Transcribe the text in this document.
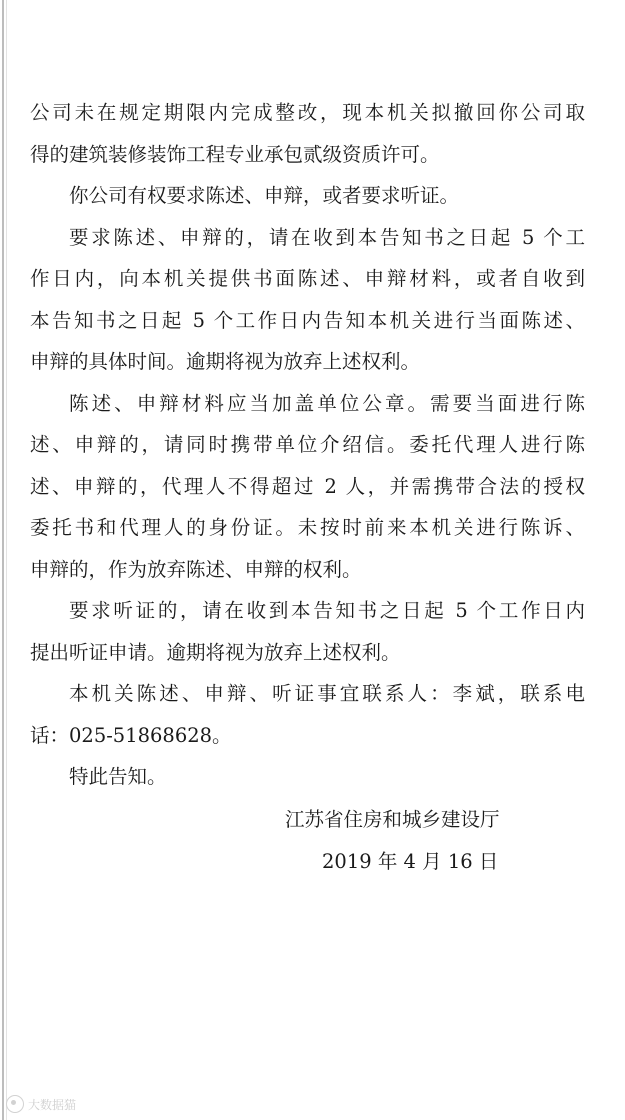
公司未在规定期限内完成整改，现本机关拟撤回你公司取
得的建筑装修装饰工程专业承包贰级资质许可。
你公司有权要求陈述、申辩，或者要求听证。
要求陈述、申辩的，请在收到本告知书之日起 5 个工
作日内，向本机关提供书面陈述、申辩材料，或者自收到
本告知书之日起 5 个工作日内告知本机关进行当面陈述、
申辩的具体时间。逾期将视为放弃上述权利。
陈述、申辩材料应当加盖单位公章。需要当面进行陈
述、申辩的，请同时携带单位介绍信。委托代理人进行陈
述、申辩的，代理人不得超过 2 人，并需携带合法的授权
委托书和代理人的身份证。未按时前来本机关进行陈诉、
申辩的，作为放弃陈述、申辩的权利。
要求听证的，请在收到本告知书之日起 5 个工作日内
提出听证申请。逾期将视为放弃上述权利。
本机关陈述、申辩、听证事宜联系人：李斌，联系电
话：025-51868628。
特此告知。
江苏省住房和城乡建设厅
2019 年 4 月 16 日
大数据猫
